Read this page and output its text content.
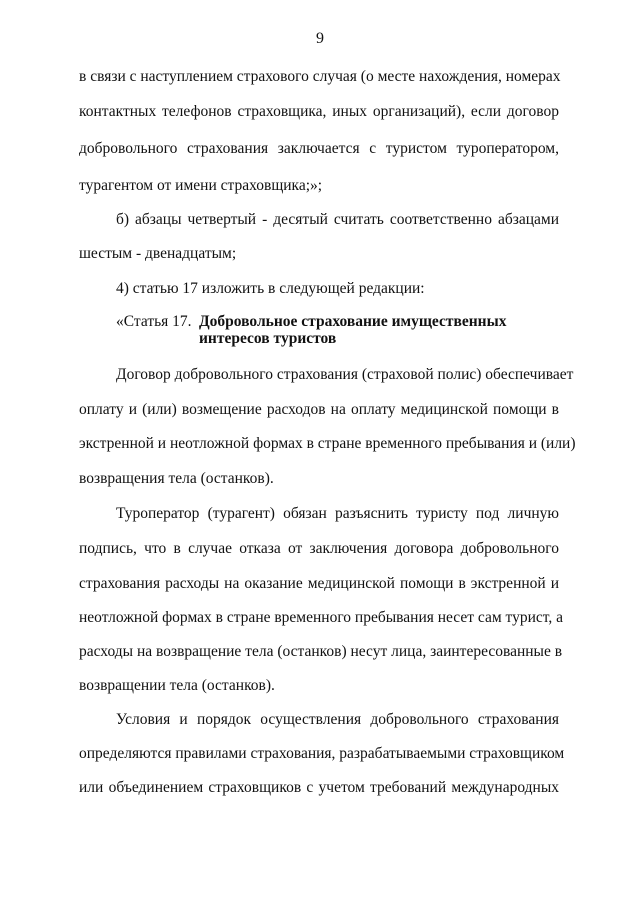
9
в связи с наступлением страхового случая (о месте нахождения, номерах
контактных телефонов страховщика, иных организаций), если договор
добровольного страхования заключается с туристом туроператором,
турагентом от имени страховщика;»;
б) абзацы четвертый - десятый считать соответственно абзацами
шестым - двенадцатым;
4) статью 17 изложить в следующей редакции:
«Статья 17. Добровольное страхование имущественных
интересов туристов
Договор добровольного страхования (страховой полис) обеспечивает
оплату и (или) возмещение расходов на оплату медицинской помощи в
экстренной и неотложной формах в стране временного пребывания и (или)
возвращения тела (останков).
Туроператор (турагент) обязан разъяснить туристу под личную
подпись, что в случае отказа от заключения договора добровольного
страхования расходы на оказание медицинской помощи в экстренной и
неотложной формах в стране временного пребывания несет сам турист, а
расходы на возвращение тела (останков) несут лица, заинтересованные в
возвращении тела (останков).
Условия и порядок осуществления добровольного страхования
определяются правилами страхования, разрабатываемыми страховщиком
или объединением страховщиков с учетом требований международных
